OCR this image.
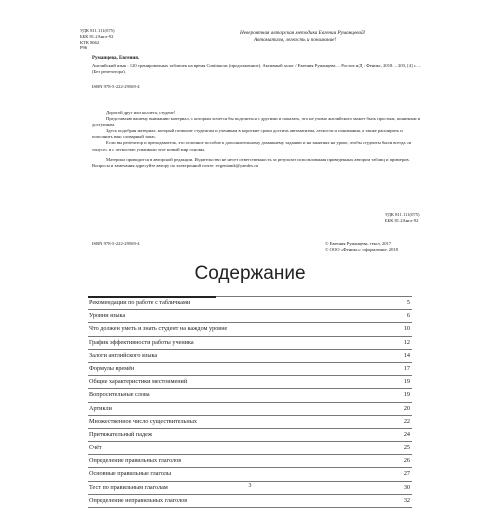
УДК 811.111(075)
ББК 81.2Англ-92
КТК 8662
Р96
Невероятная авторская методика Евгении Руманцевой!
Автоматизм, легкость и понимание!
Руманцева, Евгения.
Английский язык : 120 тренировочных табличек на время Continuous (продолженное). Активный залог / Евгения Руманцева. – Ростов н/Д : Феникс, 2018. – 203, [4] с. – (Без репетитора).
ISBN 978-5-222-29569-4

Дорогой друг или коллега, студент!

Представляю вашему вниманию материал, с которым хочется бы поделиться с другими и показать, что не учимо английского может быть простым, понятным и доступным.

Здесь подобран материал, который позволит студентам и ученикам в короткие сроки достичь автоматизма, легкости и понимания, а также расширить и пополнить ваш словарный запас.

Если вы репетитор и преподаватель, это отличное пособие к дополнительному домашнему заданию и на занятиях на уроке, чтобы студенты были всегда «в тонусе» и с легкостью усваивали этот новый мир основы.

Материал приводится в авторской редакции. Издательство не несет ответственность за результат использования приведенных автором таблиц и примеров. Вопросы и замечания адресуйте автору по электронной почте: evgeniamk@yandex.ru

УДК 811.111(075)
ББК 81.2Англ-92
ISBN 978-5-222-29569-4	© Евгения Руманцева, текст, 2017
© ООО «Феникс»: оформление, 2018
Содержание
Рекомендации по работе с табличками	5
Уровни языка	6
Что должен уметь и знать студент на каждом уровне	10
График эффективности работы ученика	12
Залоги английского языка	14
Формулы времён	17
Общие характеристики местоимений	19
Вопросительные слова	19
Артикли	20
Множественное число существительных	22
Притяжательный падеж	24
Счёт	25
Определение правильных глаголов	26
Основные правильные глаголы	27
Тест по правильным глаголам	30
Определение неправильных глаголов	32
3
